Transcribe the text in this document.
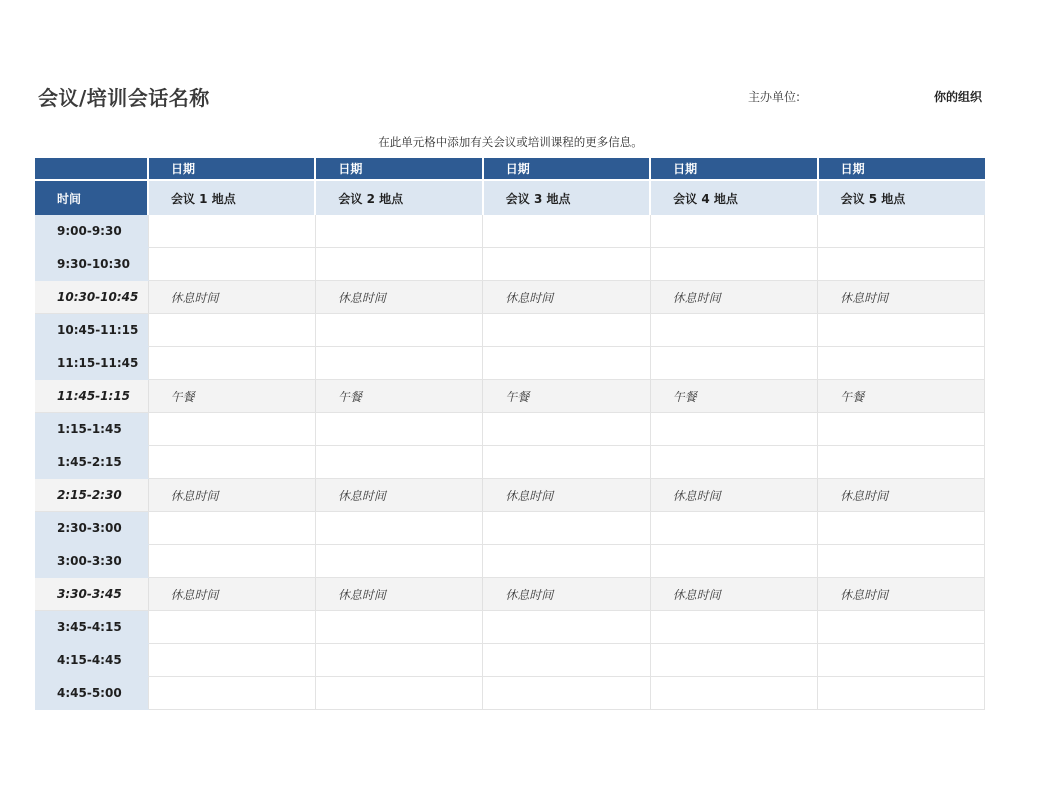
会议/培训会话名称	主办单位:	你的组织
在此单元格中添加有关会议或培训课程的更多信息。
	日期	日期	日期	日期	日期
时间	会议 1 地点	会议 2 地点	会议 3 地点	会议 4 地点	会议 5 地点
9:00-9:30					
9:30-10:30					
10:30-10:45	休息时间	休息时间	休息时间	休息时间	休息时间
10:45-11:15					
11:15-11:45					
11:45-1:15	午餐	午餐	午餐	午餐	午餐
1:15-1:45					
1:45-2:15					
2:15-2:30	休息时间	休息时间	休息时间	休息时间	休息时间
2:30-3:00					
3:00-3:30					
3:30-3:45	休息时间	休息时间	休息时间	休息时间	休息时间
3:45-4:15					
4:15-4:45					
4:45-5:00					
